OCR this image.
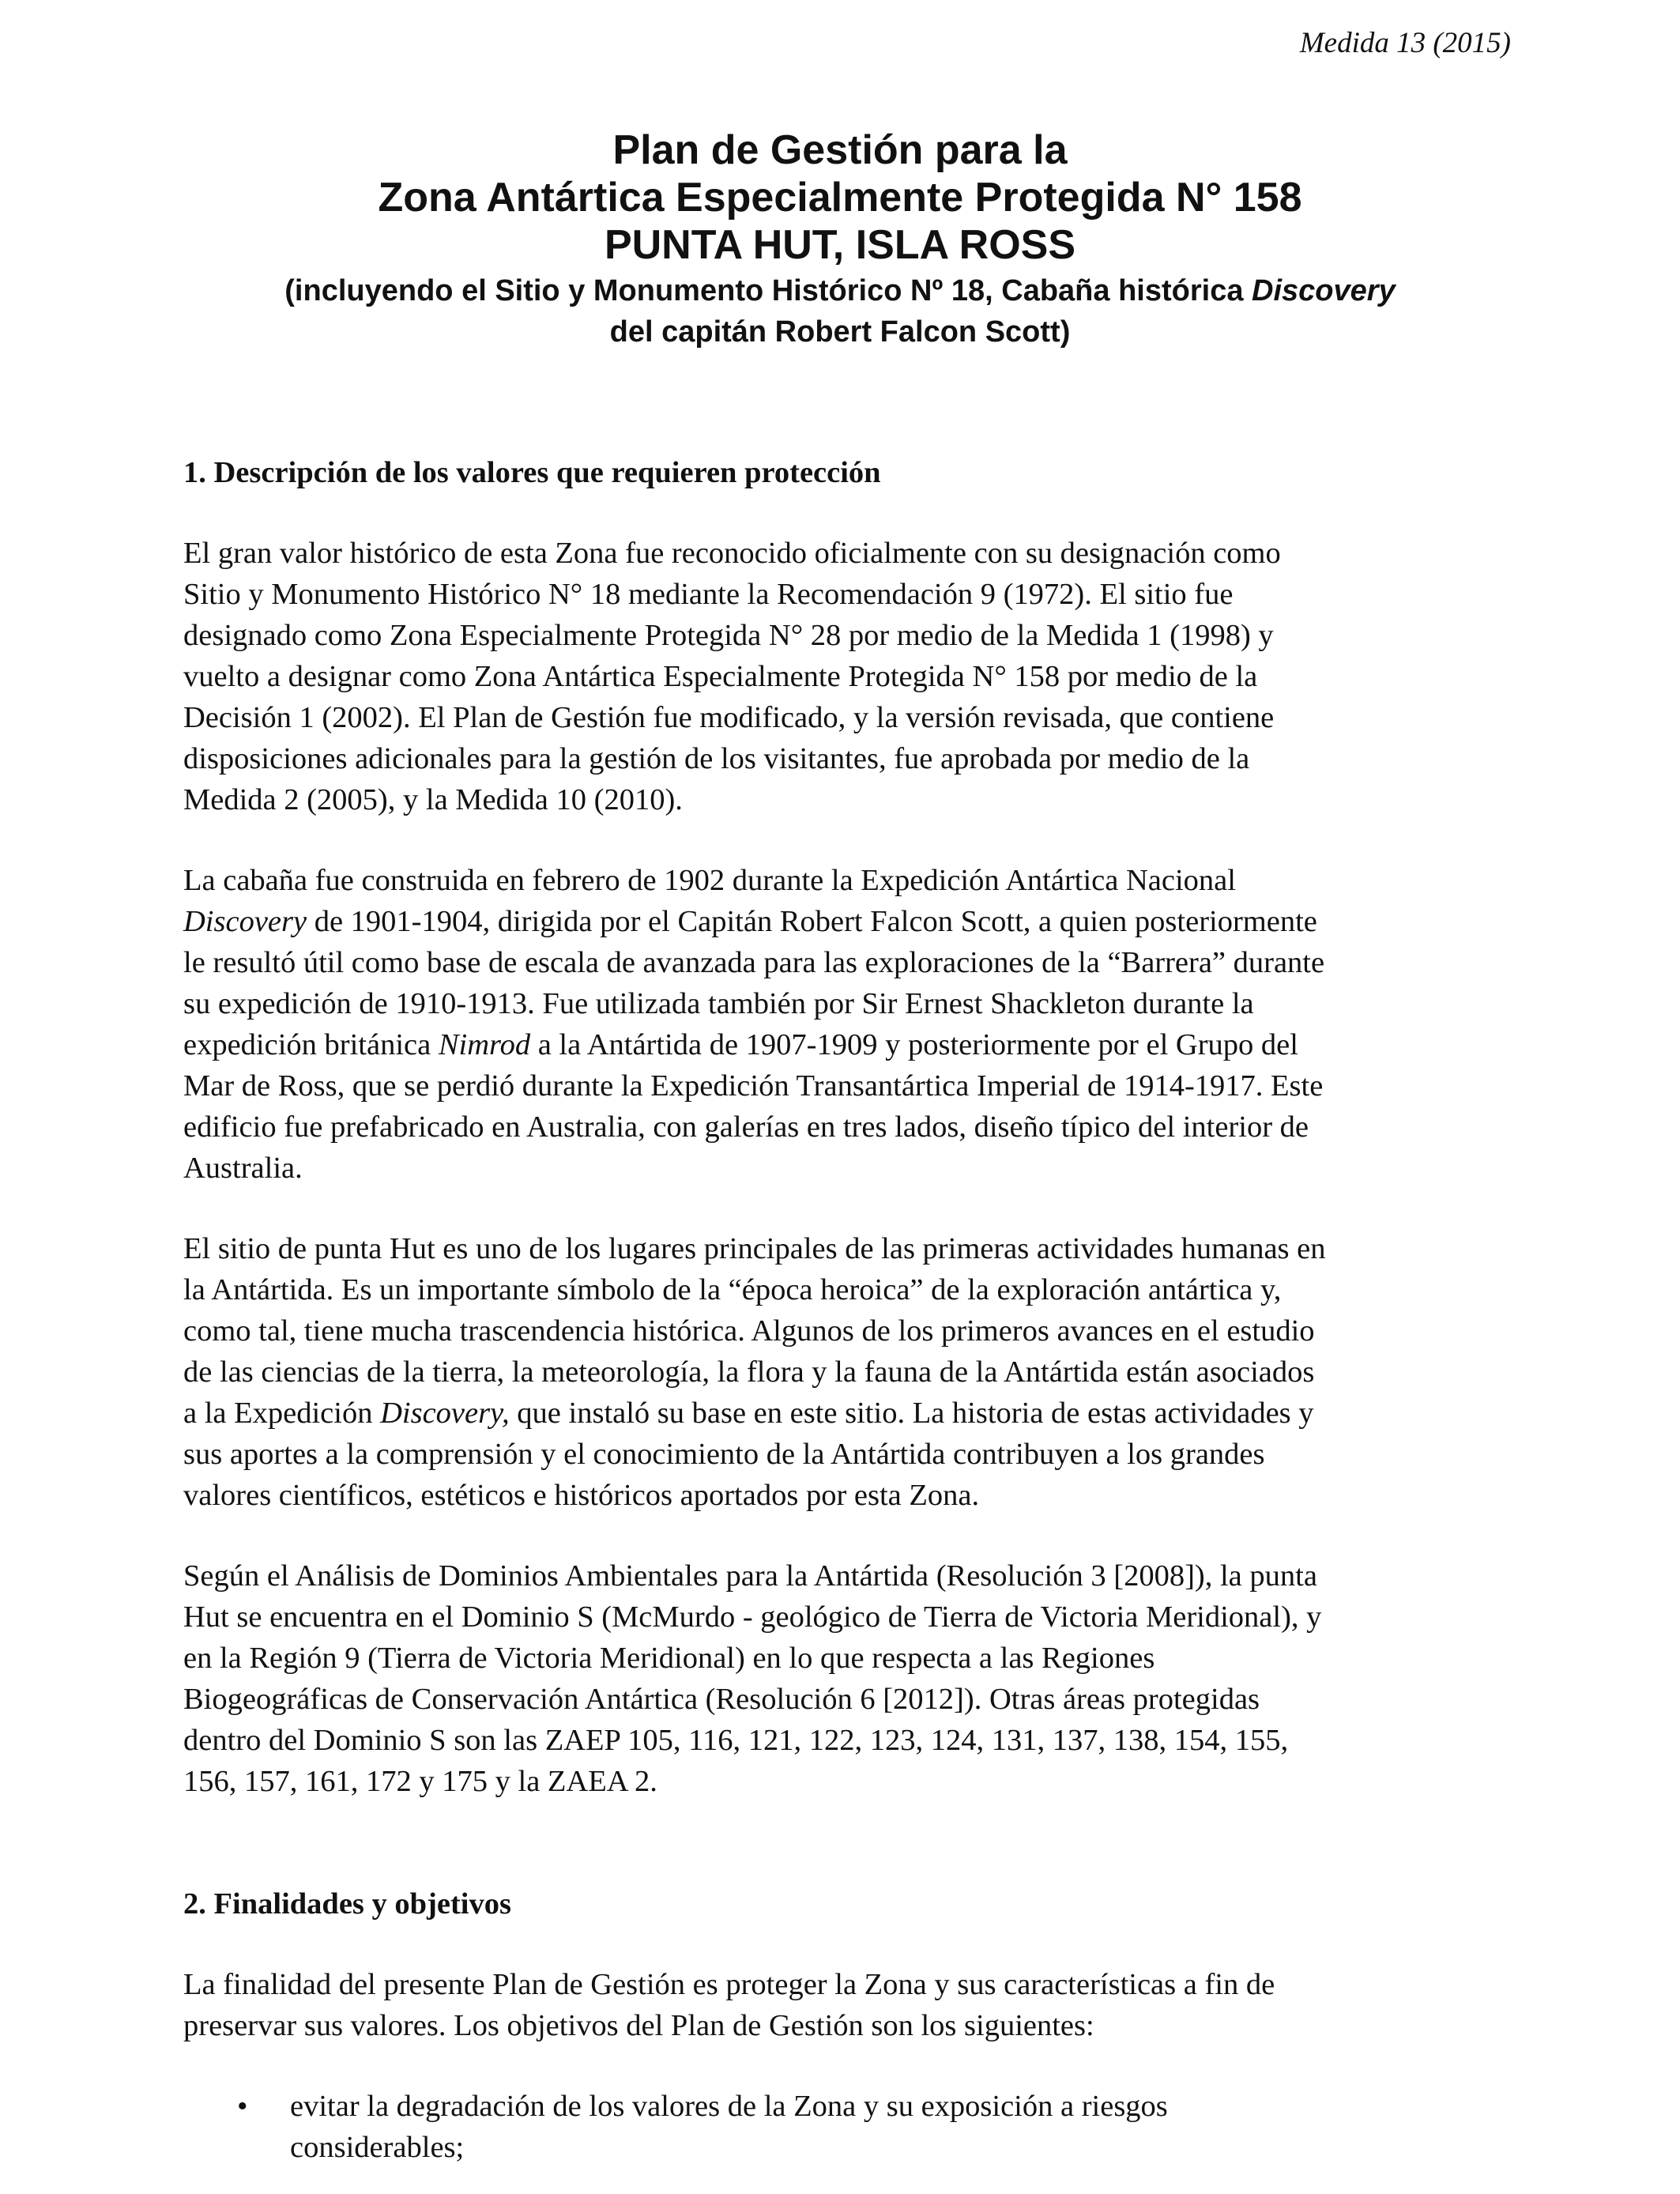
Medida 13 (2015)
Plan de Gestión para la
Zona Antártica Especialmente Protegida N° 158
PUNTA HUT, ISLA ROSS
(incluyendo el Sitio y Monumento Histórico Nº 18, Cabaña histórica Discovery
del capitán Robert Falcon Scott)
1. Descripción de los valores que requieren protección

El gran valor histórico de esta Zona fue reconocido oficialmente con su designación como
Sitio y Monumento Histórico N° 18 mediante la Recomendación 9 (1972). El sitio fue
designado como Zona Especialmente Protegida N° 28 por medio de la Medida 1 (1998) y
vuelto a designar como Zona Antártica Especialmente Protegida N° 158 por medio de la
Decisión 1 (2002). El Plan de Gestión fue modificado, y la versión revisada, que contiene
disposiciones adicionales para la gestión de los visitantes, fue aprobada por medio de la
Medida 2 (2005), y la Medida 10 (2010).

La cabaña fue construida en febrero de 1902 durante la Expedición Antártica Nacional
Discovery de 1901-1904, dirigida por el Capitán Robert Falcon Scott, a quien posteriormente
le resultó útil como base de escala de avanzada para las exploraciones de la “Barrera” durante
su expedición de 1910-1913. Fue utilizada también por Sir Ernest Shackleton durante la
expedición británica Nimrod a la Antártida de 1907-1909 y posteriormente por el Grupo del
Mar de Ross, que se perdió durante la Expedición Transantártica Imperial de 1914-1917. Este
edificio fue prefabricado en Australia, con galerías en tres lados, diseño típico del interior de
Australia.

El sitio de punta Hut es uno de los lugares principales de las primeras actividades humanas en
la Antártida. Es un importante símbolo de la “época heroica” de la exploración antártica y,
como tal, tiene mucha trascendencia histórica. Algunos de los primeros avances en el estudio
de las ciencias de la tierra, la meteorología, la flora y la fauna de la Antártida están asociados
a la Expedición Discovery, que instaló su base en este sitio. La historia de estas actividades y
sus aportes a la comprensión y el conocimiento de la Antártida contribuyen a los grandes
valores científicos, estéticos e históricos aportados por esta Zona.

Según el Análisis de Dominios Ambientales para la Antártida (Resolución 3 [2008]), la punta
Hut se encuentra en el Dominio S (McMurdo - geológico de Tierra de Victoria Meridional), y
en la Región 9 (Tierra de Victoria Meridional) en lo que respecta a las Regiones
Biogeográficas de Conservación Antártica (Resolución 6 [2012]). Otras áreas protegidas
dentro del Dominio S son las ZAEP 105, 116, 121, 122, 123, 124, 131, 137, 138, 154, 155,
156, 157, 161, 172 y 175 y la ZAEA 2.

2. Finalidades y objetivos

La finalidad del presente Plan de Gestión es proteger la Zona y sus características a fin de
preservar sus valores. Los objetivos del Plan de Gestión son los siguientes:

• evitar la degradación de los valores de la Zona y su exposición a riesgos
considerables;
